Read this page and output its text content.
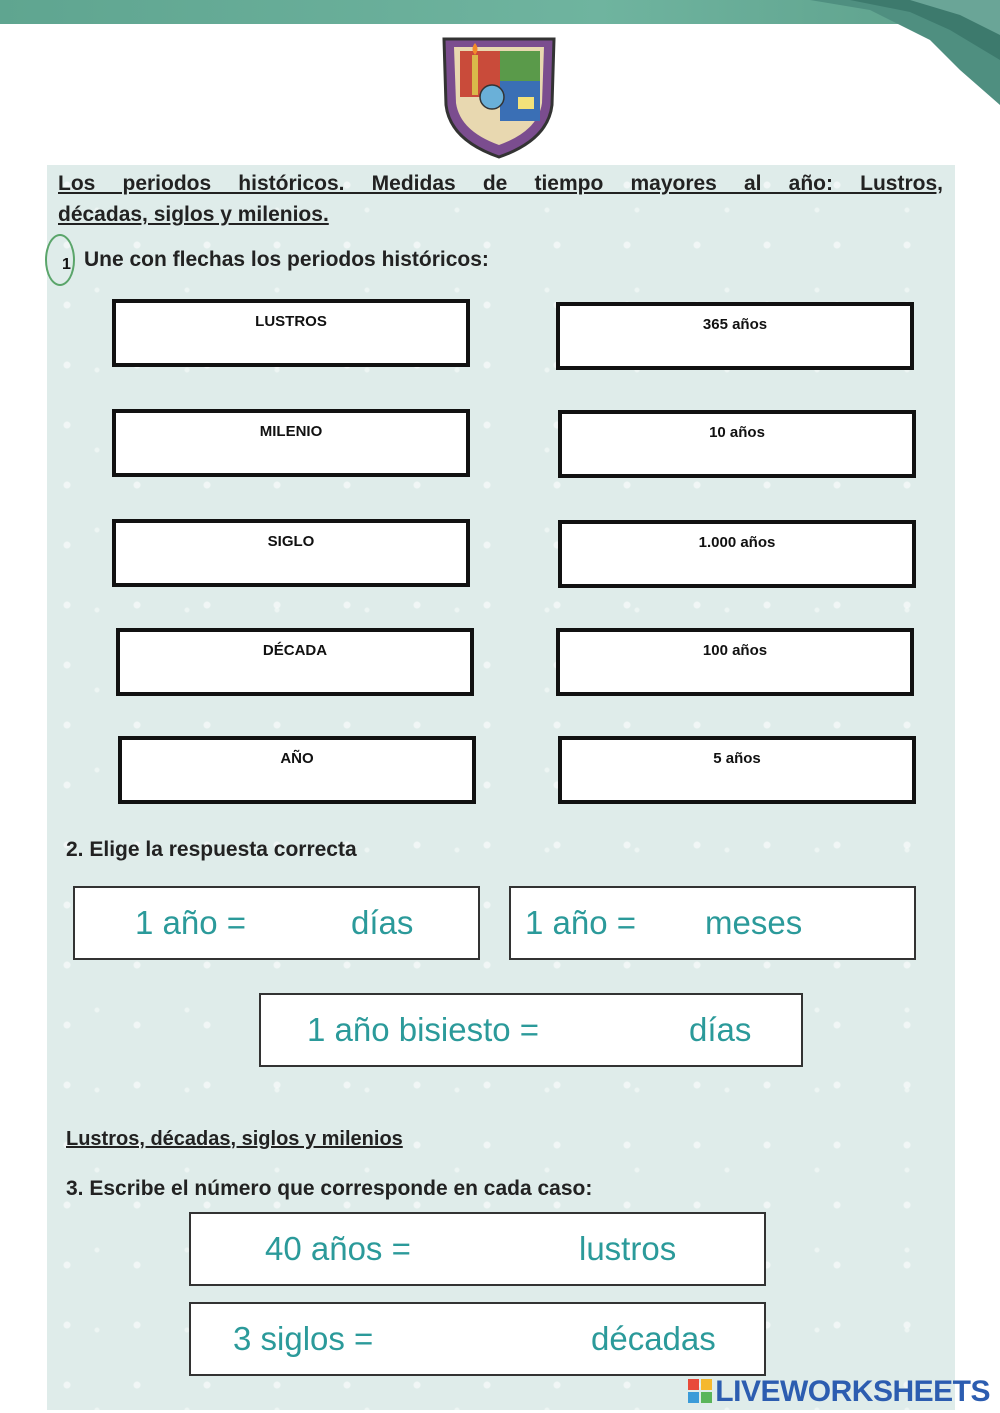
Los periodos históricos. Medidas de tiempo mayores al año: Lustros,
décadas, siglos y milenios.
1 Une con flechas los periodos históricos:
LUSTROS
MILENIO
SIGLO
DÉCADA
AÑO
365 años
10 años
1.000 años
100 años
5 años
2. Elige la respuesta correcta
1 año =	días	1 año = meses
1 año bisiesto =	días
Lustros, décadas, siglos y milenios
3. Escribe el número que corresponde en cada caso:
40 años =	lustros
3 siglos =	décadas
LIVEWORKSHEETS
